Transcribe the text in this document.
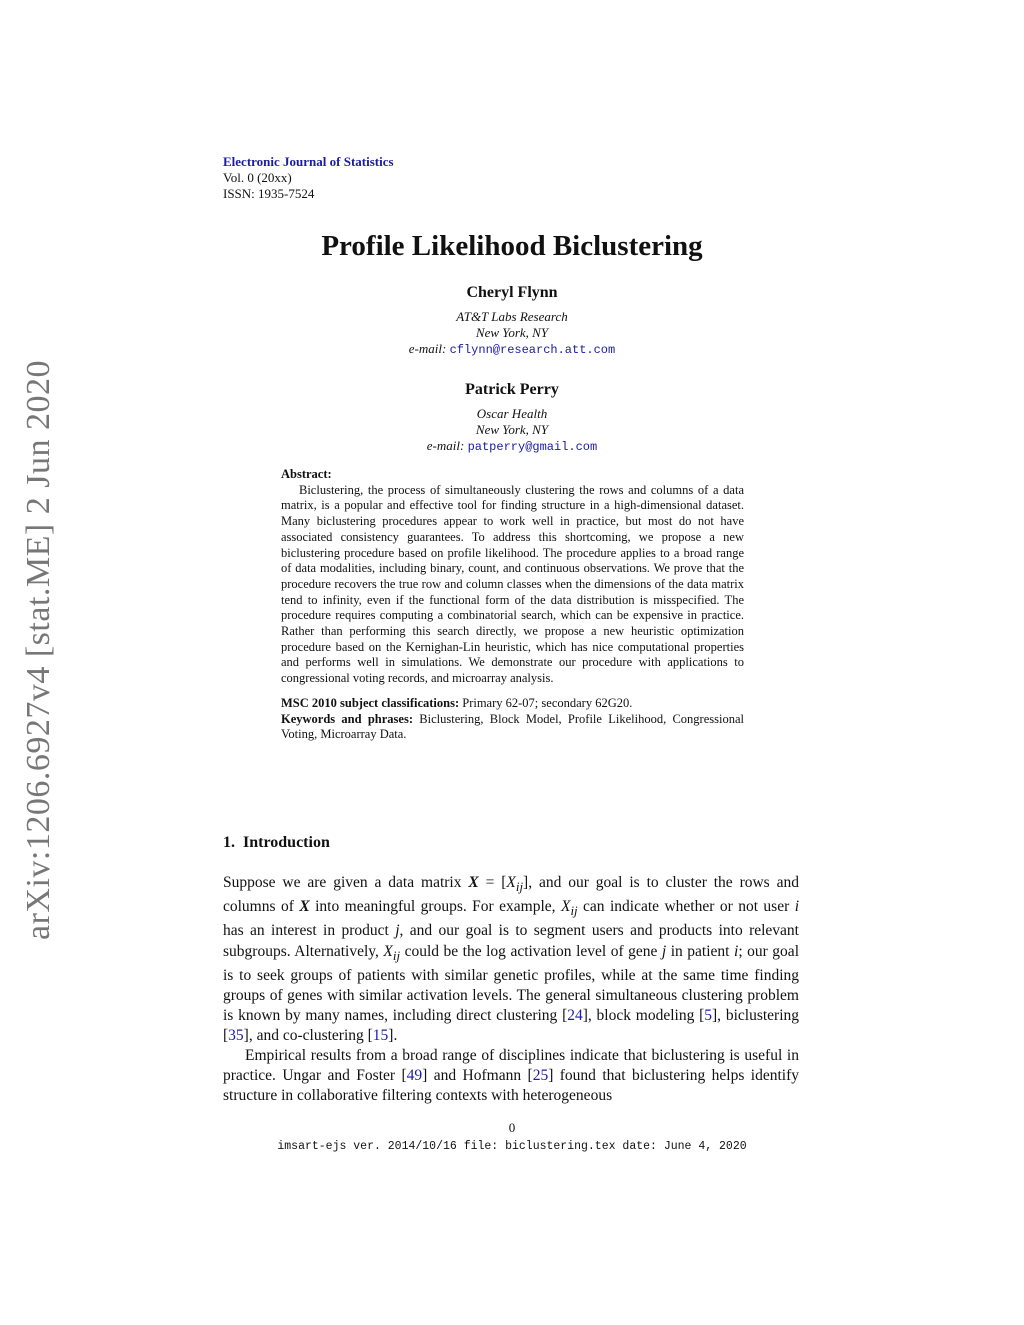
arXiv:1206.6927v4 [stat.ME] 2 Jun 2020
Electronic Journal of Statistics
Vol. 0 (20xx)
ISSN: 1935-7524
Profile Likelihood Biclustering
Cheryl Flynn
AT&T Labs Research
New York, NY
e-mail: cflynn@research.att.com
Patrick Perry
Oscar Health
New York, NY
e-mail: patperry@gmail.com
Abstract:
Biclustering, the process of simultaneously clustering the rows and columns of a data matrix, is a popular and effective tool for finding structure in a high-dimensional dataset. Many biclustering procedures appear to work well in practice, but most do not have associated consistency guarantees. To address this shortcoming, we propose a new biclustering procedure based on profile likelihood. The procedure applies to a broad range of data modalities, including binary, count, and continuous observations. We prove that the procedure recovers the true row and column classes when the dimensions of the data matrix tend to infinity, even if the functional form of the data distribution is misspecified. The procedure requires computing a combinatorial search, which can be expensive in practice. Rather than performing this search directly, we propose a new heuristic optimization procedure based on the Kernighan-Lin heuristic, which has nice computational properties and performs well in simulations. We demonstrate our procedure with applications to congressional voting records, and microarray analysis.
MSC 2010 subject classifications: Primary 62-07; secondary 62G20.
Keywords and phrases: Biclustering, Block Model, Profile Likelihood, Congressional Voting, Microarray Data.
1. Introduction
Suppose we are given a data matrix $X = [X_{ij}]$, and our goal is to cluster the rows and columns of X into meaningful groups. For example, $X_{ij}$ can indicate whether or not user i has an interest in product j, and our goal is to segment users and products into relevant subgroups. Alternatively, $X_{ij}$ could be the log activation level of gene j in patient i; our goal is to seek groups of patients with similar genetic profiles, while at the same time finding groups of genes with similar activation levels. The general simultaneous clustering problem is known by many names, including direct clustering [24], block modeling [5], biclustering [35], and co-clustering [15].
Empirical results from a broad range of disciplines indicate that biclustering is useful in practice. Ungar and Foster [49] and Hofmann [25] found that biclustering helps identify structure in collaborative filtering contexts with heterogeneous
0
imsart-ejs ver. 2014/10/16 file: biclustering.tex date: June 4, 2020
